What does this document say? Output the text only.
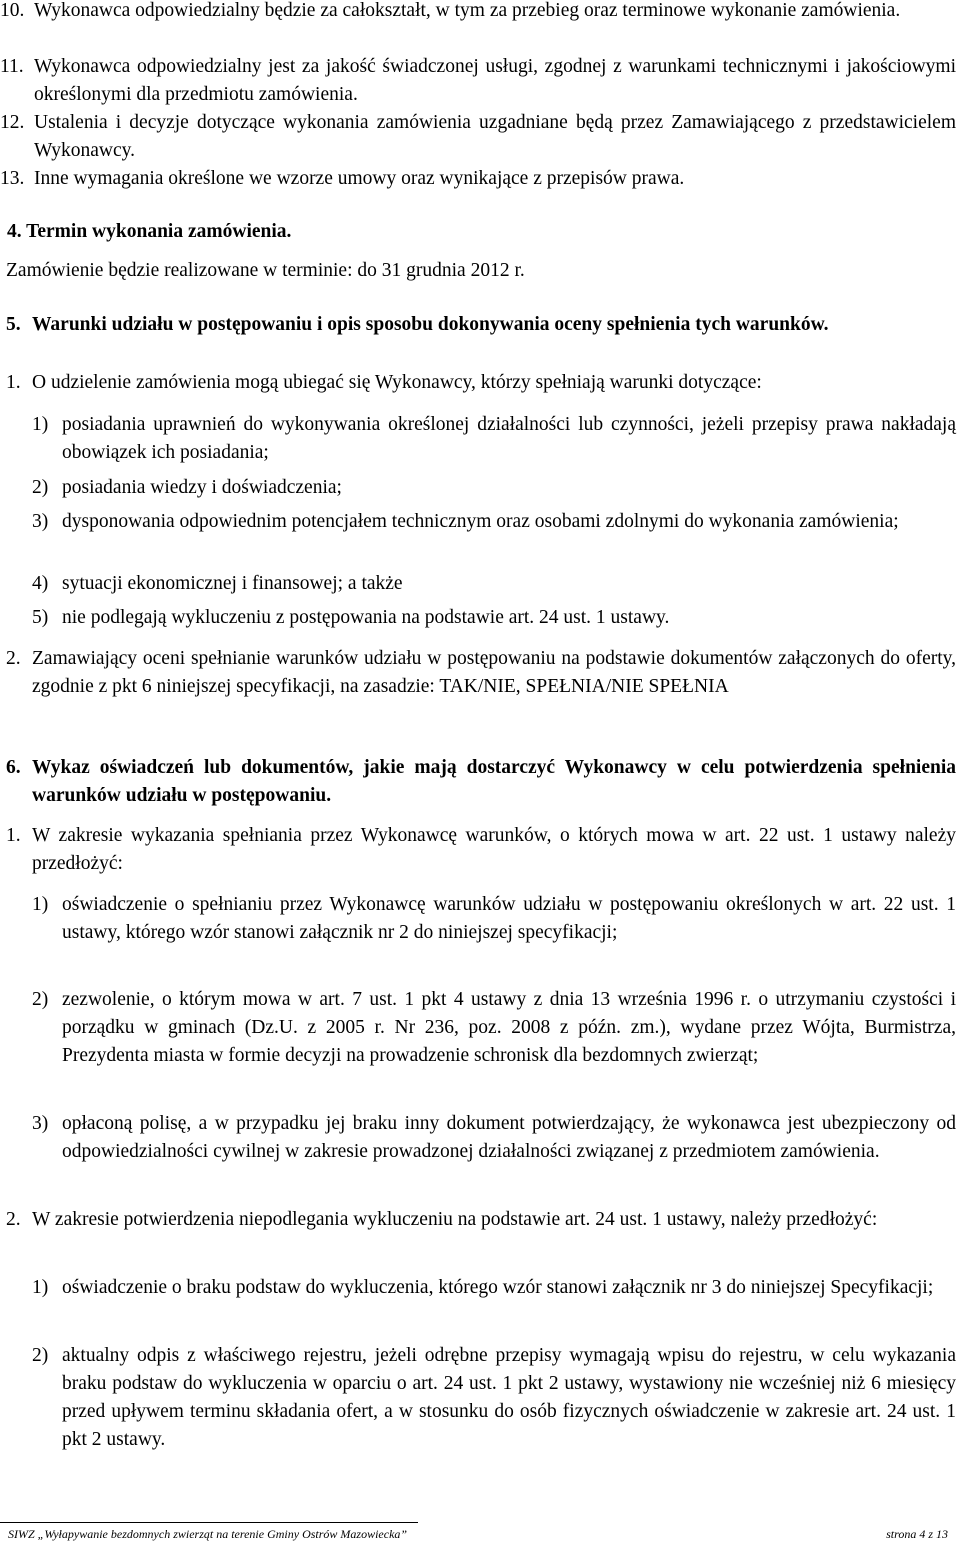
10. Wykonawca odpowiedzialny będzie za całokształt, w tym za przebieg oraz terminowe wykonanie zamówienia.
11. Wykonawca odpowiedzialny jest za jakość świadczonej usługi, zgodnej z warunkami technicznymi i jakościowymi określonymi dla przedmiotu zamówienia.
12. Ustalenia i decyzje dotyczące wykonania zamówienia uzgadniane będą przez Zamawiającego z przedstawicielem Wykonawcy.
13. Inne wymagania określone we wzorze umowy oraz wynikające z przepisów prawa.
4. Termin wykonania zamówienia.
Zamówienie będzie realizowane w terminie: do 31 grudnia 2012 r.
5. Warunki udziału w postępowaniu i opis sposobu dokonywania oceny spełnienia tych warunków.
1. O udzielenie zamówienia mogą ubiegać się Wykonawcy, którzy spełniają warunki dotyczące:
1) posiadania uprawnień do wykonywania określonej działalności lub czynności, jeżeli przepisy prawa nakładają obowiązek ich posiadania;
2) posiadania wiedzy i doświadczenia;
3) dysponowania odpowiednim potencjałem technicznym oraz osobami zdolnymi do wykonania zamówienia;
4) sytuacji ekonomicznej i finansowej; a także
5) nie podlegają wykluczeniu z postępowania na podstawie art. 24 ust. 1 ustawy.
2. Zamawiający oceni spełnianie warunków udziału w postępowaniu na podstawie dokumentów załączonych do oferty, zgodnie z pkt 6 niniejszej specyfikacji, na zasadzie: TAK/NIE, SPEŁNIA/NIE SPEŁNIA
6. Wykaz oświadczeń lub dokumentów, jakie mają dostarczyć Wykonawcy w celu potwierdzenia spełnienia warunków udziału w postępowaniu.
1. W zakresie wykazania spełniania przez Wykonawcę warunków, o których mowa w art. 22 ust. 1 ustawy należy przedłożyć:
1) oświadczenie o spełnianiu przez Wykonawcę warunków udziału w postępowaniu określonych w art. 22 ust. 1 ustawy, którego wzór stanowi załącznik nr 2 do niniejszej specyfikacji;
2) zezwolenie, o którym mowa w art. 7 ust. 1 pkt 4 ustawy z dnia 13 września 1996 r. o utrzymaniu czystości i porządku w gminach (Dz.U. z 2005 r. Nr 236, poz. 2008 z późn. zm.), wydane przez Wójta, Burmistrza, Prezydenta miasta w formie decyzji na prowadzenie schronisk dla bezdomnych zwierząt;
3) opłaconą polisę, a w przypadku jej braku inny dokument potwierdzający, że wykonawca jest ubezpieczony od odpowiedzialności cywilnej w zakresie prowadzonej działalności związanej z przedmiotem zamówienia.
2. W zakresie potwierdzenia niepodlegania wykluczeniu na podstawie art. 24 ust. 1 ustawy, należy przedłożyć:
1) oświadczenie o braku podstaw do wykluczenia, którego wzór stanowi załącznik nr 3 do niniejszej Specyfikacji;
2) aktualny odpis z właściwego rejestru, jeżeli odrębne przepisy wymagają wpisu do rejestru, w celu wykazania braku podstaw do wykluczenia w oparciu o art. 24 ust. 1 pkt 2 ustawy, wystawiony nie wcześniej niż 6 miesięcy przed upływem terminu składania ofert, a w stosunku do osób fizycznych oświadczenie w zakresie art. 24 ust. 1 pkt 2 ustawy.
SIWZ „Wyłapywanie bezdomnych zwierząt na terenie Gminy Ostrów Mazowiecka”	strona 4 z 13
